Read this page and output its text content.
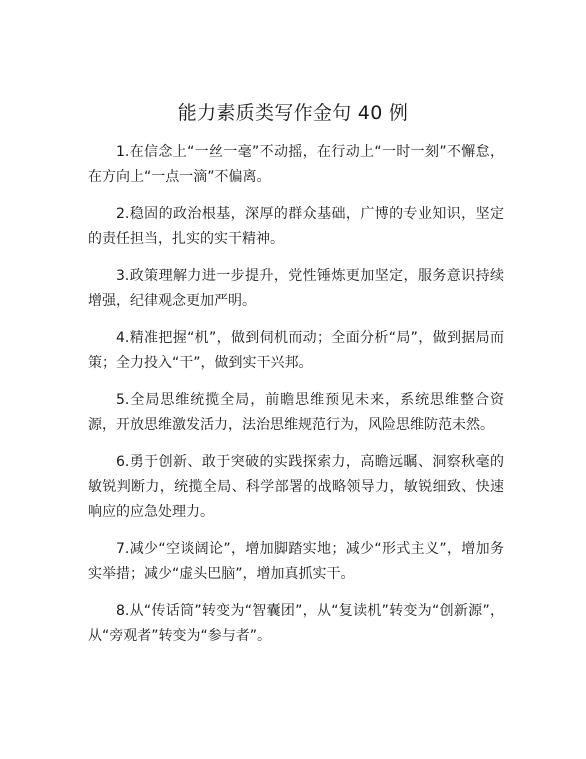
能力素质类写作金句 40 例

1.在信念上“一丝一毫”不动摇，在行动上“一时一刻”不懈怠，在方向上“一点一滴”不偏离。

2.稳固的政治根基，深厚的群众基础，广博的专业知识，坚定的责任担当，扎实的实干精神。

3.政策理解力进一步提升，党性锤炼更加坚定，服务意识持续增强，纪律观念更加严明。

4.精准把握“机”，做到伺机而动；全面分析“局”，做到据局而策；全力投入“干”，做到实干兴邦。

5.全局思维统揽全局，前瞻思维预见未来，系统思维整合资源，开放思维激发活力，法治思维规范行为，风险思维防范未然。

6.勇于创新、敢于突破的实践探索力，高瞻远瞩、洞察秋毫的敏锐判断力，统揽全局、科学部署的战略领导力，敏锐细致、快速响应的应急处理力。

7.减少“空谈阔论”，增加脚踏实地；减少“形式主义”，增加务实举措；减少“虚头巴脑”，增加真抓实干。

8.从“传话筒”转变为“智囊团”，从“复读机”转变为“创新源”，从“旁观者”转变为“参与者”。
